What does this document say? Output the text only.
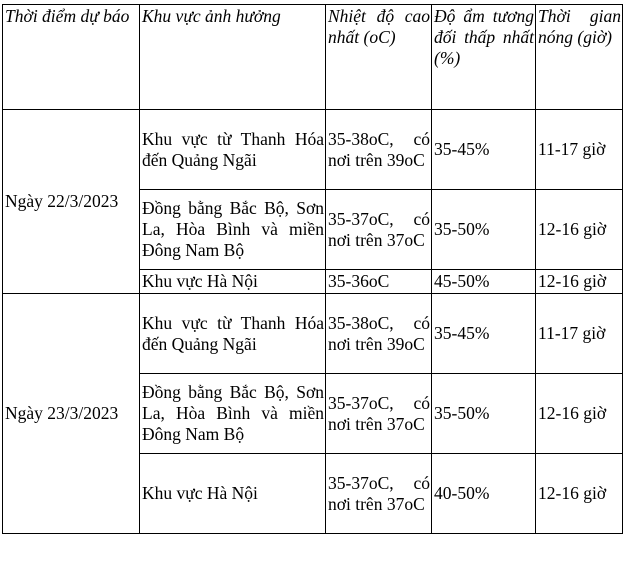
Thời điểm dự báo	Khu vực ảnh hưởng	Nhiệt độ cao nhất (oC)	Độ ẩm tương đối thấp nhất (%)	Thời gian nóng (giờ)
Ngày 22/3/2023	Khu vực từ Thanh Hóa đến Quảng Ngãi	35-38oC, có nơi trên 39oC	35-45%	11-17 giờ
	Đồng bằng Bắc Bộ, Sơn La, Hòa Bình và miền Đông Nam Bộ	35-37oC, có nơi trên 37oC	35-50%	12-16 giờ
	Khu vực Hà Nội	35-36oC	45-50%	12-16 giờ
Ngày 23/3/2023	Khu vực từ Thanh Hóa đến Quảng Ngãi	35-38oC, có nơi trên 39oC	35-45%	11-17 giờ
	Đồng bằng Bắc Bộ, Sơn La, Hòa Bình và miền Đông Nam Bộ	35-37oC, có nơi trên 37oC	35-50%	12-16 giờ
	Khu vực Hà Nội	35-37oC, có nơi trên 37oC	40-50%	12-16 giờ
